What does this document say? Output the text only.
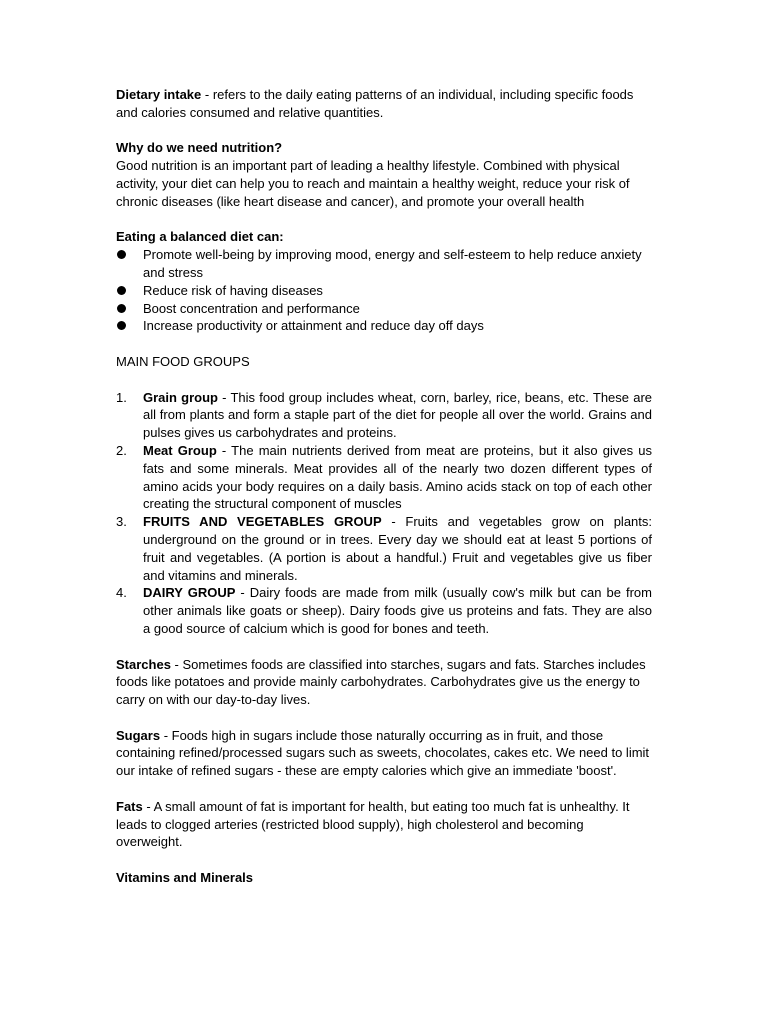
Dietary intake - refers to the daily eating patterns of an individual, including specific foods and calories consumed and relative quantities.

Why do we need nutrition?

Good nutrition is an important part of leading a healthy lifestyle. Combined with physical activity, your diet can help you to reach and maintain a healthy weight, reduce your risk of chronic diseases (like heart disease and cancer), and promote your overall health

Eating a balanced diet can:

Promote well-being by improving mood, energy and self-esteem to help reduce anxiety and stress
Reduce risk of having diseases
Boost concentration and performance
Increase productivity or attainment and reduce day off days

MAIN FOOD GROUPS

1. Grain group - This food group includes wheat, corn, barley, rice, beans, etc. These are all from plants and form a staple part of the diet for people all over the world. Grains and pulses gives us carbohydrates and proteins.
2. Meat Group - The main nutrients derived from meat are proteins, but it also gives us fats and some minerals. Meat provides all of the nearly two dozen different types of amino acids your body requires on a daily basis. Amino acids stack on top of each other creating the structural component of muscles
3. FRUITS AND VEGETABLES GROUP - Fruits and vegetables grow on plants: underground on the ground or in trees. Every day we should eat at least 5 portions of fruit and vegetables. (A portion is about a handful.) Fruit and vegetables give us fiber and vitamins and minerals.
4. DAIRY GROUP - Dairy foods are made from milk (usually cow's milk but can be from other animals like goats or sheep). Dairy foods give us proteins and fats. They are also a good source of calcium which is good for bones and teeth.

Starches - Sometimes foods are classified into starches, sugars and fats. Starches includes foods like potatoes and provide mainly carbohydrates. Carbohydrates give us the energy to carry on with our day-to-day lives.

Sugars - Foods high in sugars include those naturally occurring as in fruit, and those containing refined/processed sugars such as sweets, chocolates, cakes etc. We need to limit our intake of refined sugars - these are empty calories which give an immediate 'boost'.

Fats - A small amount of fat is important for health, but eating too much fat is unhealthy. It leads to clogged arteries (restricted blood supply), high cholesterol and becoming overweight.

Vitamins and Minerals
